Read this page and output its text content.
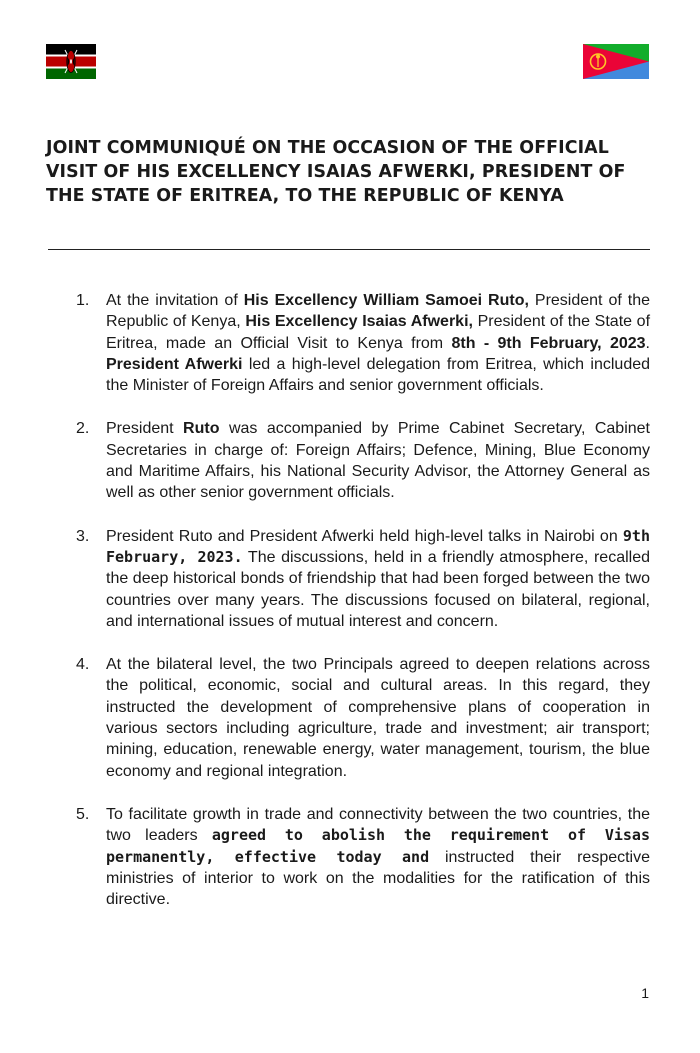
JOINT COMMUNIQUÉ ON THE OCCASION OF THE OFFICIAL VISIT OF HIS EXCELLENCY ISAIAS AFWERKI, PRESIDENT OF THE STATE OF ERITREA, TO THE REPUBLIC OF KENYA
1. At the invitation of His Excellency William Samoei Ruto, President of the Republic of Kenya, His Excellency Isaias Afwerki, President of the State of Eritrea, made an Official Visit to Kenya from 8th - 9th February, 2023. President Afwerki led a high-level delegation from Eritrea, which included the Minister of Foreign Affairs and senior government officials.
2. President Ruto was accompanied by Prime Cabinet Secretary, Cabinet Secretaries in charge of: Foreign Affairs; Defence, Mining, Blue Economy and Maritime Affairs, his National Security Advisor, the Attorney General as well as other senior government officials.
3. President Ruto and President Afwerki held high-level talks in Nairobi on 9th February, 2023. The discussions, held in a friendly atmosphere, recalled the deep historical bonds of friendship that had been forged between the two countries over many years. The discussions focused on bilateral, regional, and international issues of mutual interest and concern.
4. At the bilateral level, the two Principals agreed to deepen relations across the political, economic, social and cultural areas. In this regard, they instructed the development of comprehensive plans of cooperation in various sectors including agriculture, trade and investment; air transport; mining, education, renewable energy, water management, tourism, the blue economy and regional integration.
5. To facilitate growth in trade and connectivity between the two countries, the two leaders agreed to abolish the requirement of Visas permanently, effective today and instructed their respective ministries of interior to work on the modalities for the ratification of this directive.
1
